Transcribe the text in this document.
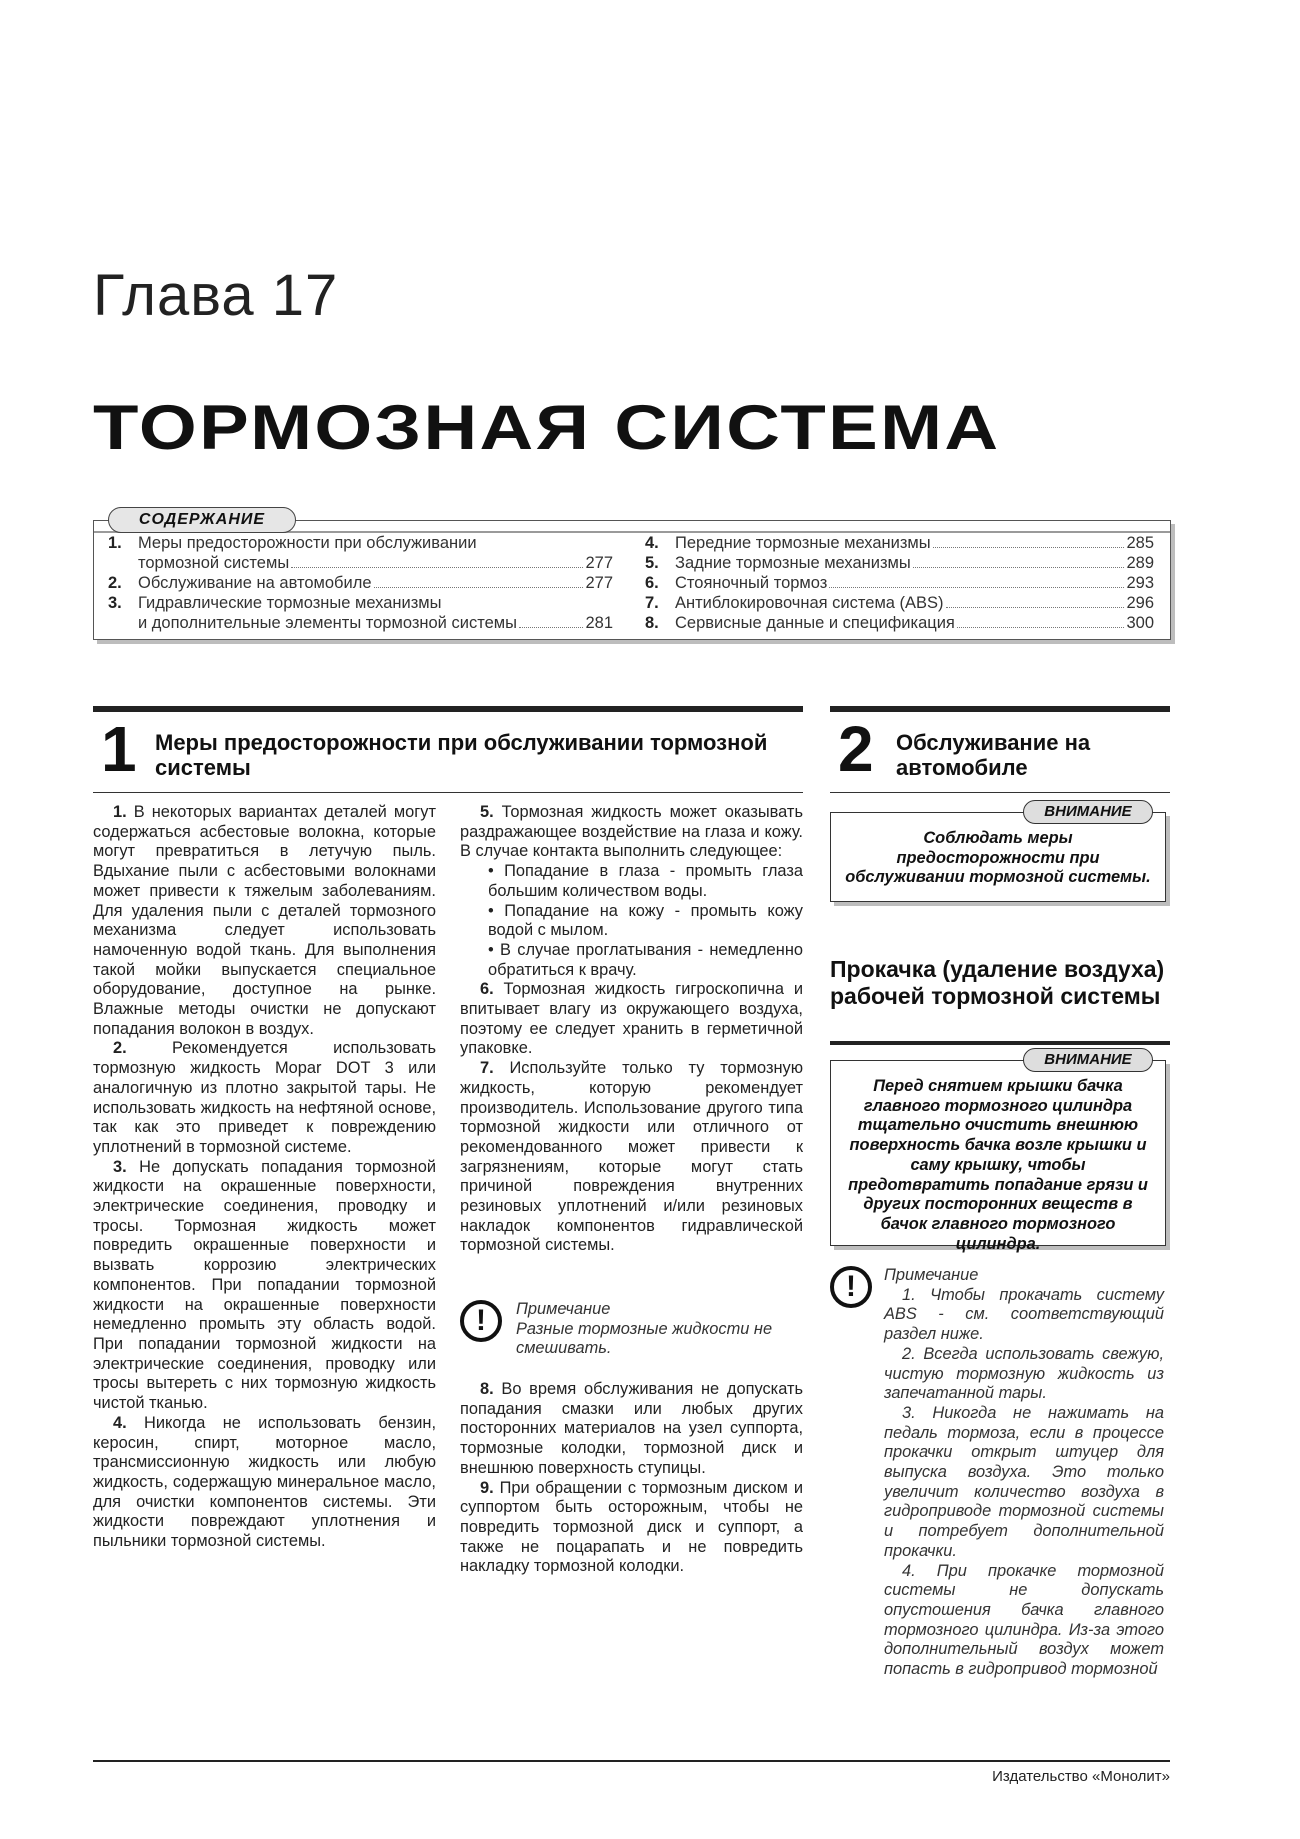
Глава 17
ТОРМОЗНАЯ СИСТЕМА
СОДЕРЖАНИЕ
1. Меры предосторожности при обслуживании
тормозной системы	277
2. Обслуживание на автомобиле	277
3. Гидравлические тормозные механизмы
и дополнительные элементы тормозной системы	281
4. Передние тормозные механизмы	285
5. Задние тормозные механизмы	289
6. Стояночный тормоз	293
7. Антиблокировочная система (ABS)	296
8. Сервисные данные и спецификация	300
1 Меры предосторожности при обслуживании тормозной системы

1. В некоторых вариантах деталей могут содержаться асбестовые волокна, которые могут превратиться в летучую пыль. Вдыхание пыли с асбестовыми волокнами может привести к тяжелым заболеваниям. Для удаления пыли с деталей тормозного механизма следует использовать намоченную водой ткань. Для выполнения такой мойки выпускается специальное оборудование, доступное на рынке. Влажные методы очистки не допускают попадания волокон в воздух.

2.	Рекомендуется использовать тормозную жидкость Mopar DOT 3 или аналогичную из плотно закрытой тары. Не использовать жидкость на нефтяной основе, так как это приведет к повреждению уплотнений в тормозной системе.

3. Не допускать попадания тормозной жидкости на окрашенные поверхности, электрические соединения, проводку и тросы. Тормозная жидкость может повредить окрашенные поверхности и вызвать коррозию электрических компонентов. При попадании тормозной жидкости на окрашенные поверхности немедленно промыть эту область водой. При попадании тормозной жидкости на электрические соединения, проводку или тросы вытереть с них тормозную жидкость чистой тканью.

4. Никогда не использовать бензин, керосин, спирт, моторное масло, трансмиссионную жидкость или любую жидкость, содержащую минеральное масло, для очистки компонентов системы. Эти жидкости повреждают уплотнения и пыльники тормозной системы.

5. Тормозная жидкость может оказывать раздражающее воздействие на глаза и кожу. В случае контакта выполнить следующее:

• Попадание в глаза - промыть глаза большим количеством воды.

• Попадание на кожу - промыть кожу водой с мылом.

• В случае проглатывания - немедленно обратиться к врачу.

6. Тормозная жидкость гигроскопична и впитывает влагу из окружающего воздуха, поэтому ее следует хранить в герметичной упаковке.

7. Используйте только ту тормозную жидкость, которую рекомендует производитель. Использование другого типа тормозной жидкости или отличного от рекомендованного может привести к загрязнениям, которые могут стать причиной повреждения внутренних резиновых уплотнений и/или резиновых накладок компонентов гидравлической тормозной системы.

!	Примечание
Разные тормозные жидкости не смешивать.

8. Во время обслуживания не допускать попадания смазки или любых других посторонних материалов на узел суппорта, тормозные колодки, тормозной диск и внешнюю поверхность ступицы.

9. При обращении с тормозным диском и суппортом быть осторожным, чтобы не повредить тормозной диск и суппорт, а также не поцарапать и не повредить накладку тормозной колодки.

2 Обслуживание на автомобиле
ВНИМАНИЕ
Соблюдать меры предосторожности при обслуживании тормозной системы.
Прокачка (удаление воздуха) рабочей тормозной системы
ВНИМАНИЕ
Перед снятием крышки бачка главного тормозного цилиндра тщательно очистить внешнюю поверхность бачка возле крышки и саму крышку, чтобы предотвратить попадание грязи и других посторонних веществ в бачок главного тормозного цилиндра.
!	Примечание
1. Чтобы прокачать систему ABS - см. соответствующий раздел ниже.
2. Всегда использовать свежую, чистую тормозную жидкость из запечатанной тары.
3. Никогда не нажимать на педаль тормоза, если в процессе прокачки открыт штуцер для выпуска воздуха. Это только увеличит количество воздуха в гидроприводе тормозной системы и потребует дополнительной прокачки.
4. При прокачке тормозной системы не допускать опустошения бачка главного тормозного цилиндра. Из-за этого дополнительный воздух может попасть в гидропривод тормозной
Издательство «Монолит»
